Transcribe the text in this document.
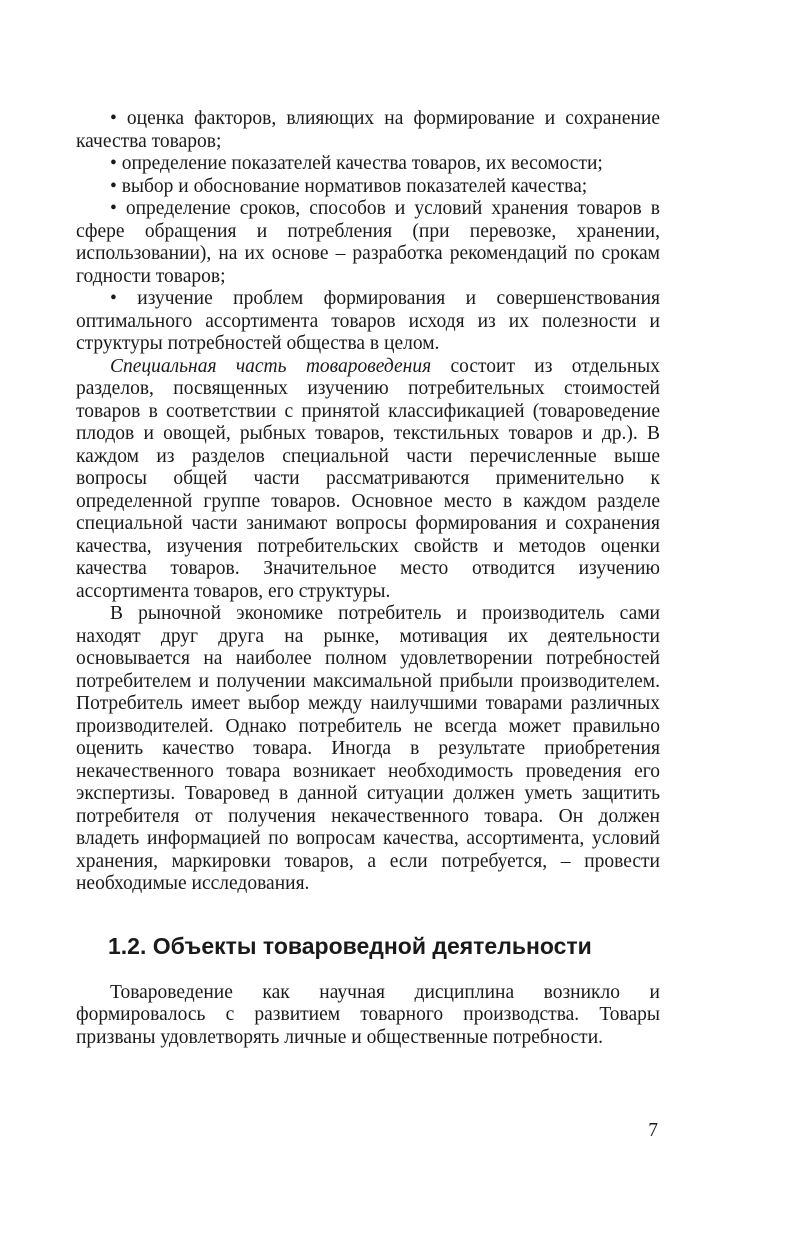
• оценка факторов, влияющих на формирование и сохранение качества товаров;

• определение показателей качества товаров, их весомости;

• выбор и обоснование нормативов показателей качества;

• определение сроков, способов и условий хранения товаров в сфере обращения и потребления (при перевозке, хранении, использовании), на их основе – разработка рекомендаций по срокам годности товаров;

• изучение проблем формирования и совершенствования оптимального ассортимента товаров исходя из их полезности и структуры потребностей общества в целом.

Специальная часть товароведения состоит из отдельных разделов, посвященных изучению потребительных стоимостей товаров в соответствии с принятой классификацией (товароведение плодов и овощей, рыбных товаров, текстильных товаров и др.). В каждом из разделов специальной части перечисленные выше вопросы общей части рассматриваются применительно к определенной группе товаров. Основное место в каждом разделе специальной части занимают вопросы формирования и сохранения качества, изучения потребительских свойств и методов оценки качества товаров. Значительное место отводится изучению ассортимента товаров, его структуры.

В рыночной экономике потребитель и производитель сами находят друг друга на рынке, мотивация их деятельности основывается на наиболее полном удовлетворении потребностей потребителем и получении максимальной прибыли производителем. Потребитель имеет выбор между наилучшими товарами различных производителей. Однако потребитель не всегда может правильно оценить качество товара. Иногда в результате приобретения некачественного товара возникает необходимость проведения его экспертизы. Товаровед в данной ситуации должен уметь защитить потребителя от получения некачественного товара. Он должен владеть информацией по вопросам качества, ассортимента, условий хранения, маркировки товаров, а если потребуется, – провести необходимые исследования.

1.2. Объекты товароведной деятельности

Товароведение как научная дисциплина возникло и формировалось с развитием товарного производства. Товары призваны удовлетворять личные и общественные потребности.

7
